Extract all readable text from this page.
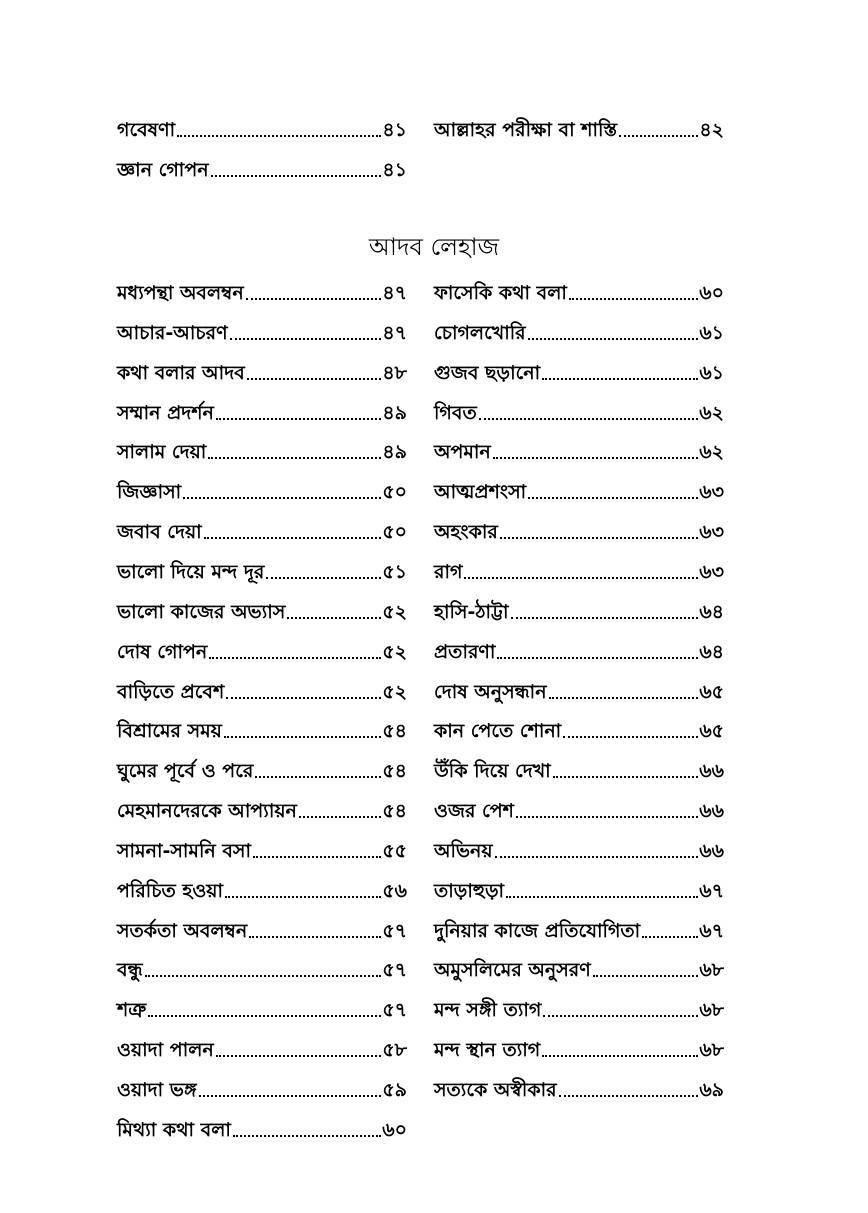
গবেষণা	৪১
জ্ঞান গোপন	৪১
আল্লাহর পরীক্ষা বা শাস্তি	৪২
আদব লেহাজ
মধ্যপন্থা অবলম্বন	৪৭
আচার-আচরণ	৪৭
কথা বলার আদব	৪৮
সম্মান প্রদর্শন	৪৯
সালাম দেয়া	৪৯
জিজ্ঞাসা	৫০
জবাব দেয়া	৫০
ভালো দিয়ে মন্দ দূর	৫১
ভালো কাজের অভ্যাস	৫২
দোষ গোপন	৫২
বাড়িতে প্রবেশ	৫২
বিশ্রামের সময়	৫৪
ঘুমের পূর্বে ও পরে	৫৪
মেহমানদেরকে আপ্যায়ন	৫৪
সামনা-সামনি বসা	৫৫
পরিচিত হওয়া	৫৬
সতর্কতা অবলম্বন	৫৭
বন্ধু	৫৭
শত্রু	৫৭
ওয়াদা পালন	৫৮
ওয়াদা ভঙ্গ	৫৯
মিথ্যা কথা বলা	৬০
ফাসেকি কথা বলা	৬০
চোগলখোরি	৬১
গুজব ছড়ানো	৬১
গিবত	৬২
অপমান	৬২
আত্মপ্রশংসা	৬৩
অহংকার	৬৩
রাগ	৬৩
হাসি-ঠাট্টা	৬৪
প্রতারণা	৬৪
দোষ অনুসন্ধান	৬৫
কান পেতে শোনা	৬৫
উঁকি দিয়ে দেখা	৬৬
ওজর পেশ	৬৬
অভিনয়	৬৬
তাড়াহুড়া	৬৭
দুনিয়ার কাজে প্রতিযোগিতা	৬৭
অমুসলিমের অনুসরণ	৬৮
মন্দ সঙ্গী ত্যাগ	৬৮
মন্দ স্থান ত্যাগ	৬৮
সত্যকে অস্বীকার	৬৯
